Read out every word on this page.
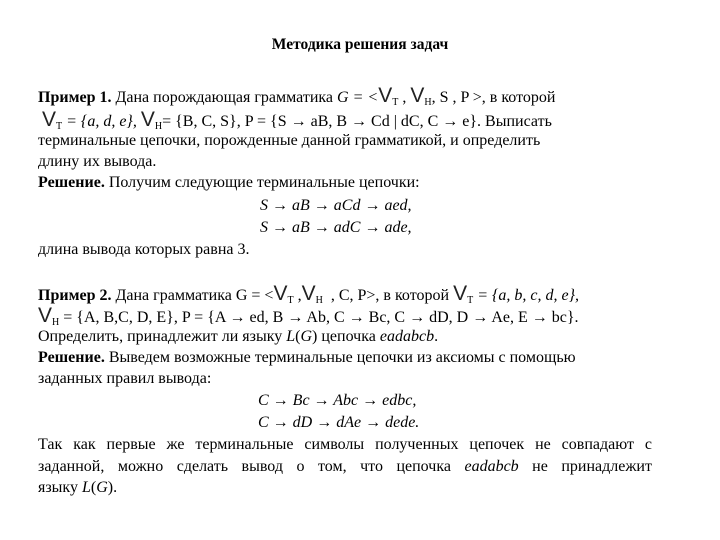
Методика решения задач
Пример 1. Дана порождающая грамматика $G = <V_T$ , $V_H$, S , P >, в которой
$V_T = \{a$, d, e}, $V_H= \{B$, C, S}, P = {S → aB, B → Cd | dC, C → e}. Выписать
терминальные цепочки, порожденные данной грамматикой, и определить
длину их вывода.
Решение. Получим следующие терминальные цепочки:
S → aB → aCd → aed,
S → aB → adC → ade,
длина вывода которых равна 3.
Пример 2. Дана грамматика $G = <V_T$ $,V_H$ , С, Р>, в которой $V_T = \{a$, b, c, d, e},
$V_H = \{A$, B,C, D, E}, P = {A → ed, B → Ab, C → Bc, C → dD, D → Ae, E → bc}.
Определить, принадлежит ли языку L(G) цепочка eadabcb.
Решение. Выведем возможные терминальные цепочки из аксиомы с помощью
заданных правил вывода:
C → Bc → Abc → edbc,
C → dD → dAe → dede.
Так как первые же терминальные символы полученных цепочек не совпадают с
заданной, можно сделать вывод о том, что цепочка eadabcb не принадлежит
языку L(G).
